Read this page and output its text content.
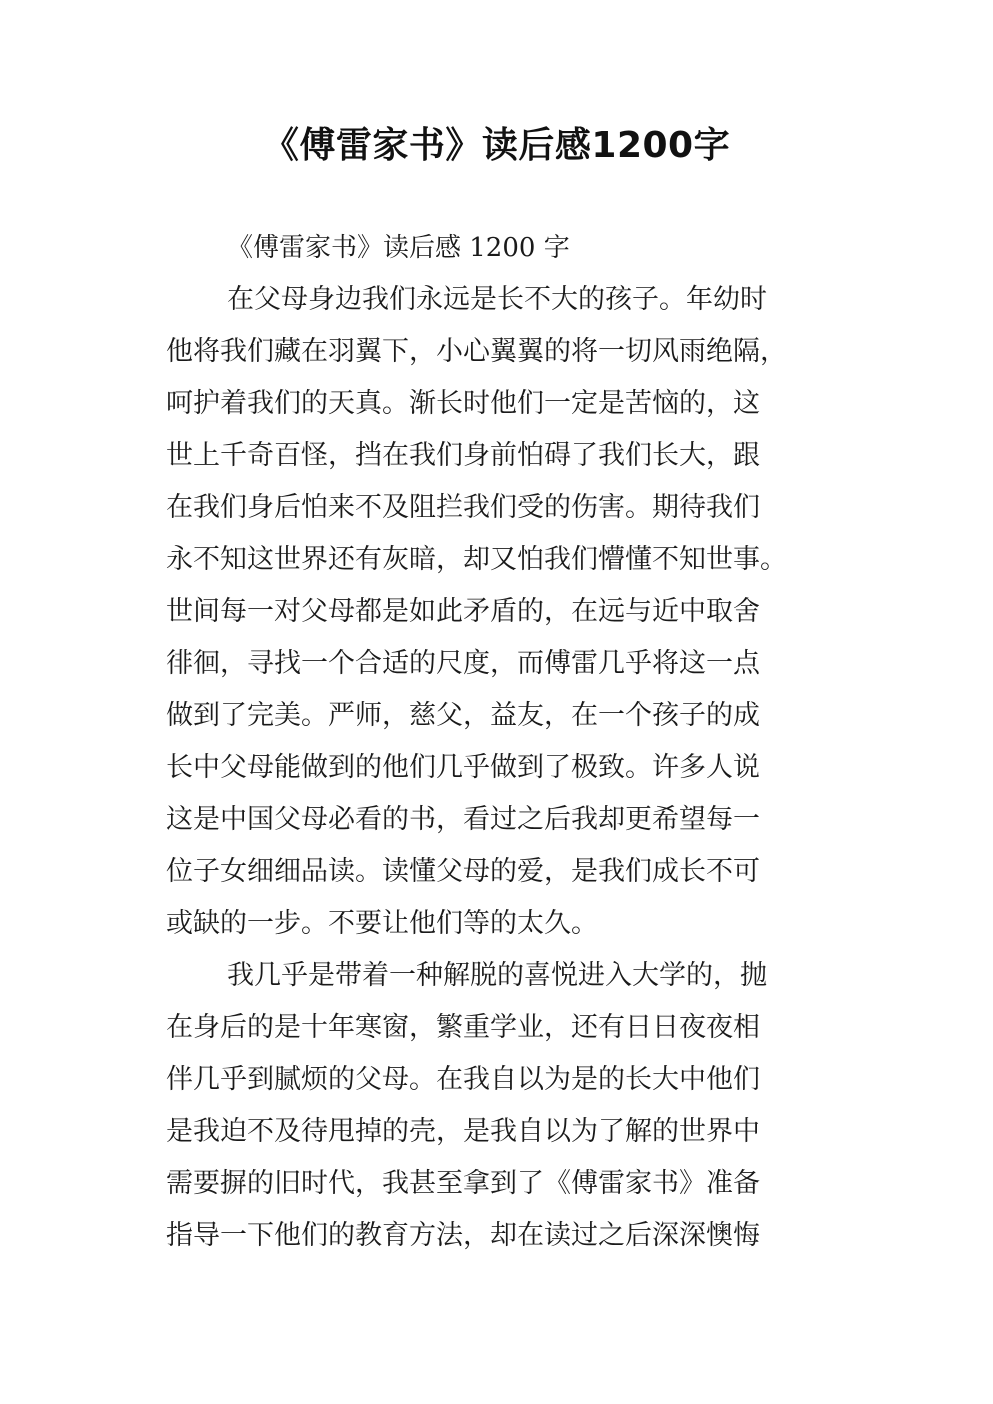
《傅雷家书》读后感1200字
《傅雷家书》读后感 1200 字
在父母身边我们永远是长不大的孩子。年幼时
他将我们藏在羽翼下，小心翼翼的将一切风雨绝隔，
呵护着我们的天真。渐长时他们一定是苦恼的，这
世上千奇百怪，挡在我们身前怕碍了我们长大，跟
在我们身后怕来不及阻拦我们受的伤害。期待我们
永不知这世界还有灰暗，却又怕我们懵懂不知世事。
世间每一对父母都是如此矛盾的，在远与近中取舍
徘徊，寻找一个合适的尺度，而傅雷几乎将这一点
做到了完美。严师，慈父，益友，在一个孩子的成
长中父母能做到的他们几乎做到了极致。许多人说
这是中国父母必看的书，看过之后我却更希望每一
位子女细细品读。读懂父母的爱，是我们成长不可
或缺的一步。不要让他们等的太久。
我几乎是带着一种解脱的喜悦进入大学的，抛
在身后的是十年寒窗，繁重学业，还有日日夜夜相
伴几乎到腻烦的父母。在我自以为是的长大中他们
是我迫不及待甩掉的壳，是我自以为了解的世界中
需要摒的旧时代，我甚至拿到了《傅雷家书》准备
指导一下他们的教育方法，却在读过之后深深懊悔
